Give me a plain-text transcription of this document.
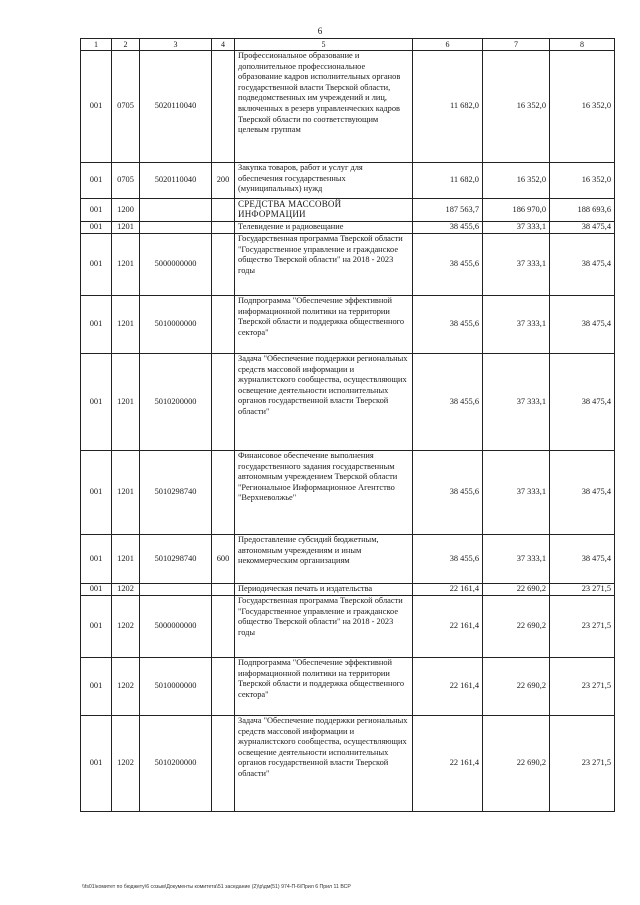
6
1	2	3	4	5	6	7	8
001	0705	5020110040		Профессиональное образование и дополнительное профессиональное образование кадров исполнительных органов государственной власти Тверской области, подведомственных им учреждений и лиц, включенных в резерв управленческих кадров Тверской области по соответствующим целевым группам	11 682,0	16 352,0	16 352,0
001	0705	5020110040	200	Закупка товаров, работ и услуг для обеспечения государственных (муниципальных) нужд	11 682,0	16 352,0	16 352,0
001	1200			СРЕДСТВА МАССОВОЙ ИНФОРМАЦИИ	187 563,7	186 970,0	188 693,6
001	1201			Телевидение и радиовещание	38 455,6	37 333,1	38 475,4
001	1201	5000000000		Государственная программа Тверской области "Государственное управление и гражданское общество Тверской области" на 2018 - 2023 годы	38 455,6	37 333,1	38 475,4
001	1201	5010000000		Подпрограмма "Обеспечение эффективной информационной политики на территории Тверской области и поддержка общественного сектора"	38 455,6	37 333,1	38 475,4
001	1201	5010200000		Задача "Обеспечение поддержки региональных средств массовой информации и журналистского сообщества, осуществляющих освещение деятельности исполнительных органов государственной власти Тверской области"	38 455,6	37 333,1	38 475,4
001	1201	5010298740		Финансовое обеспечение выполнения государственного задания государственным автономным учреждением Тверской области "Региональное Информационное Агентство "Верхневолжье"	38 455,6	37 333,1	38 475,4
001	1201	5010298740	600	Предоставление субсидий бюджетным, автономным учреждениям и иным некоммерческим организациям	38 455,6	37 333,1	38 475,4
001	1202			Периодическая печать и издательства	22 161,4	22 690,2	23 271,5
001	1202	5000000000		Государственная программа Тверской области "Государственное управление и гражданское общество Тверской области" на 2018 - 2023 годы	22 161,4	22 690,2	23 271,5
001	1202	5010000000		Подпрограмма "Обеспечение эффективной информационной политики на территории Тверской области и поддержка общественного сектора"	22 161,4	22 690,2	23 271,5
001	1202	5010200000		Задача "Обеспечение поддержки региональных средств массовой информации и журналистского сообщества, осуществляющих освещение деятельности исполнительных органов государственной власти Тверской области"	22 161,4	22 690,2	23 271,5
\\fs01\комитет по бюджету\6 созыв\Документы комитета\51 заседание (2)\р\дм(51) 974-П-6\Прил 6 Прил 11 ВСР
